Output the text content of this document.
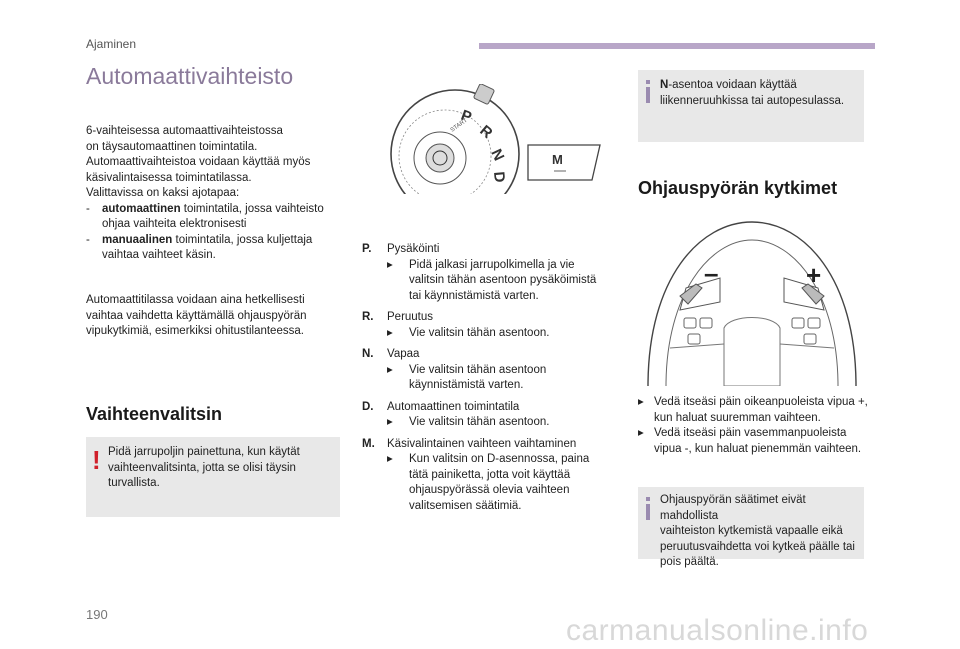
Ajaminen
Automaattivaihteisto
6-vaihteisessa automaattivaihteistossa
on täysautomaattinen toimintatila.
Automaattivaihteistoa voidaan käyttää myös
käsivalintaisessa toimintatilassa.
Valittavissa on kaksi ajotapaa:
-	automaattinen toimintatila, jossa vaihteisto
ohjaa vaihteita elektronisesti
-	manuaalinen toimintatila, jossa kuljettaja
vaihtaa vaihteet käsin.
Automaattitilassa voidaan aina hetkellisesti
vaihtaa vaihdetta käyttämällä ohjauspyörän
vipukytkimiä, esimerkiksi ohitustilanteessa.
Vaihteenvalitsin
! Pidä jarrupoljin painettuna, kun käytät
vaihteenvalitsinta, jotta se olisi täysin
turvallista.
P
R
N
D
START
M
P. Pysäköinti
▸	Pidä jalkasi jarrupolkimella ja vie
valitsin tähän asentoon pysäköimistä
tai käynnistämistä varten.
R. Peruutus
▸	Vie valitsin tähän asentoon.
N. Vapaa
▸	Vie valitsin tähän asentoon
käynnistämistä varten.
D. Automaattinen toimintatila
▸	Vie valitsin tähän asentoon.
M. Käsivalintainen vaihteen vaihtaminen
▸	Kun valitsin on D-asennossa, paina
tätä painiketta, jotta voit käyttää
ohjauspyörässä olevia vaihteen
valitsemisen säätimiä.
N-asentoa voidaan käyttää
liikenneruuhkissa tai autopesulassa.
Ohjauspyörän kytkimet
–	+
▸ Vedä itseäsi päin oikeanpuoleista vipua +,
kun haluat suuremman vaihteen.
▸ Vedä itseäsi päin vasemmanpuoleista
vipua -, kun haluat pienemmän vaihteen.
Ohjauspyörän säätimet eivät mahdollista
vaihteiston kytkemistä vapaalle eikä
peruutusvaihdetta voi kytkeä päälle tai
pois päältä.
190	carmanualsonline.info
